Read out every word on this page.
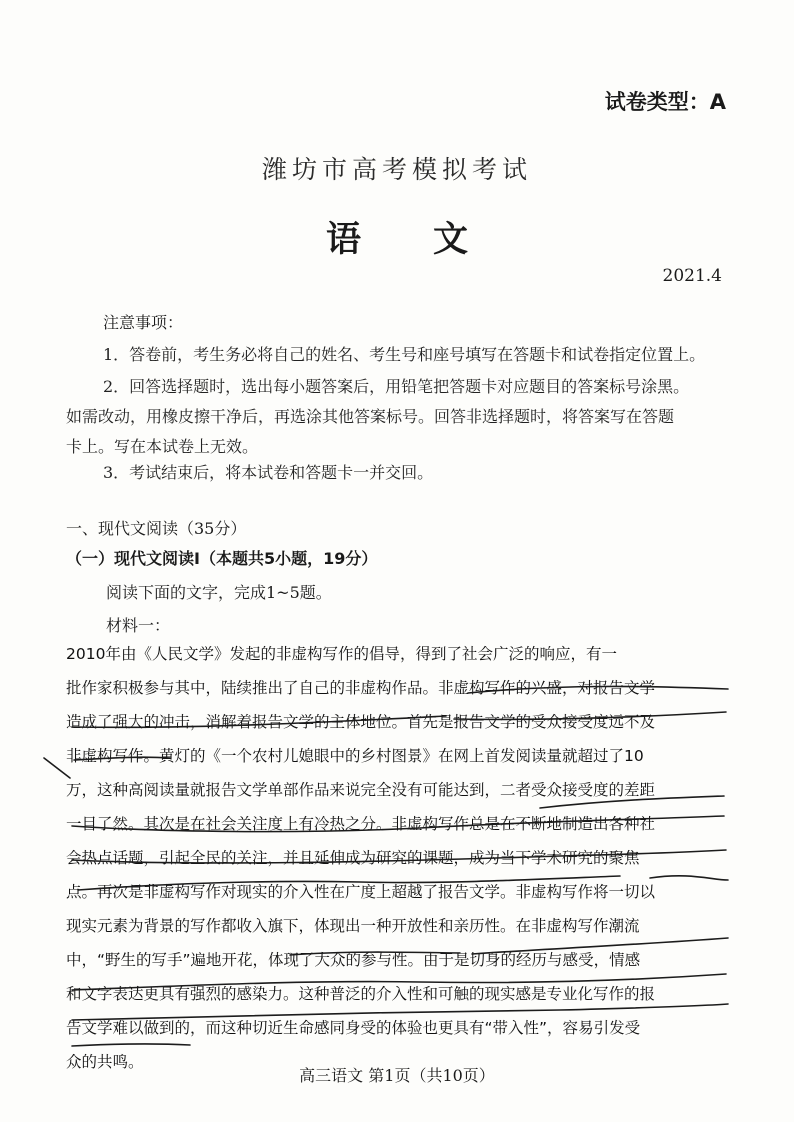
试卷类型：A
潍坊市高考模拟考试
语文
2021.4
注意事项：
1．答卷前，考生务必将自己的姓名、考生号和座号填写在答题卡和试卷指定位置上。
2．回答选择题时，选出每小题答案后，用铅笔把答题卡对应题目的答案标号涂黑。
如需改动，用橡皮擦干净后，再选涂其他答案标号。回答非选择题时，将答案写在答题
卡上。写在本试卷上无效。
3．考试结束后，将本试卷和答题卡一并交回。
一、现代文阅读（35分）
（一）现代文阅读Ⅰ（本题共5小题，19分）
阅读下面的文字，完成1~5题。
材料一：
2010年由《人民文学》发起的非虚构写作的倡导，得到了社会广泛的响应，有一
批作家积极参与其中，陆续推出了自己的非虚构作品。非虚构写作的兴盛，对报告文学
造成了强大的冲击，消解着报告文学的主体地位。首先是报告文学的受众接受度远不及
非虚构写作。黄灯的《一个农村儿媳眼中的乡村图景》在网上首发阅读量就超过了10
万，这种高阅读量就报告文学单部作品来说完全没有可能达到，二者受众接受度的差距
一目了然。其次是在社会关注度上有冷热之分。非虚构写作总是在不断地制造出各种社
会热点话题，引起全民的关注，并且延伸成为研究的课题，成为当下学术研究的聚焦
点。再次是非虚构写作对现实的介入性在广度上超越了报告文学。非虚构写作将一切以
现实元素为背景的写作都收入旗下，体现出一种开放性和亲历性。在非虚构写作潮流
中，“野生的写手”遍地开花，体现了大众的参与性。由于是切身的经历与感受，情感
和文字表达更具有强烈的感染力。这种普泛的介入性和可触的现实感是专业化写作的报
告文学难以做到的，而这种切近生命感同身受的体验也更具有“带入性”，容易引发受
众的共鸣。
高三语文 第1页（共10页）
